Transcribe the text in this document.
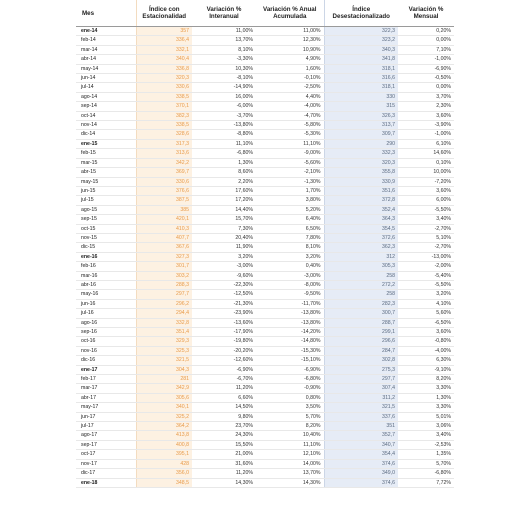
Mes	Índice con Estacionalidad	Variación % Interanual	Variación % Anual Acumulada	Índice Desestacionalizado	Variación % Mensual
ene-14	357	11,00%	11,00%	322,3	0,20%
feb-14	336,4	13,70%	12,30%	323,2	0,00%
mar-14	332,1	8,10%	10,90%	340,3	7,10%
abr-14	340,4	-3,30%	4,90%	341,8	-1,00%
may-14	336,8	10,30%	1,60%	318,1	-6,90%
jun-14	320,3	-8,10%	-0,10%	316,6	-0,50%
jul-14	330,6	-14,90%	-2,50%	318,1	0,00%
ago-14	338,5	16,00%	4,40%	330	3,70%
sep-14	370,1	-6,00%	-4,00%	315	2,30%
oct-14	382,3	-3,70%	-4,70%	326,3	3,60%
nov-14	338,5	-13,80%	-5,80%	313,7	-3,90%
dic-14	328,6	-8,80%	-5,30%	309,7	-1,00%
ene-15	317,3	11,10%	11,10%	290	6,10%
feb-15	313,6	-6,80%	-9,00%	332,3	14,60%
mar-15	342,2	1,30%	-5,60%	320,3	0,10%
abr-15	369,7	8,60%	-2,10%	355,8	10,00%
may-15	330,6	2,20%	-1,30%	330,9	-7,20%
jun-15	376,6	17,60%	1,70%	351,6	3,60%
jul-15	387,5	17,20%	3,80%	372,8	6,00%
ago-15	385	14,40%	5,20%	352,4	-5,50%
sep-15	420,1	15,70%	6,40%	364,3	3,40%
oct-15	410,3	7,30%	6,50%	354,5	-2,70%
nov-15	407,7	20,40%	7,80%	372,6	5,10%
dic-15	367,6	11,90%	8,10%	362,3	-2,70%
ene-16	327,3	3,20%	3,20%	312	-13,00%
feb-16	301,7	-3,00%	0,40%	305,3	-2,00%
mar-16	303,2	-9,60%	-3,00%	258	-5,40%
abr-16	288,3	-22,30%	-8,00%	272,2	-5,50%
may-16	297,7	-12,50%	-9,50%	258	3,20%
jun-16	296,2	-21,30%	-11,70%	282,3	4,10%
jul-16	294,4	-23,90%	-13,80%	300,7	5,60%
ago-16	332,8	-13,60%	-13,80%	288,7	-6,50%
sep-16	351,4	-17,90%	-14,20%	299,1	3,60%
oct-16	329,3	-19,80%	-14,80%	296,6	-0,80%
nov-16	325,3	-20,20%	-15,30%	284,7	-4,00%
dic-16	321,5	-12,60%	-15,10%	302,8	6,30%
ene-17	304,3	-6,90%	-6,90%	275,3	-9,10%
feb-17	281	-6,70%	-6,80%	297,7	8,20%
mar-17	342,9	11,20%	-0,90%	307,4	3,30%
abr-17	305,6	6,60%	0,80%	311,2	1,30%
may-17	340,1	14,50%	3,50%	321,5	3,30%
jun-17	325,2	9,80%	5,70%	337,6	5,01%
jul-17	364,2	23,70%	8,20%	351	3,06%
ago-17	413,8	24,30%	10,40%	352,7	3,40%
sep-17	400,8	15,50%	11,10%	340,7	-2,53%
oct-17	395,1	21,00%	12,10%	354,4	1,35%
nov-17	428	31,60%	14,00%	374,6	5,70%
dic-17	356,0	11,20%	13,70%	349,0	-6,80%
ene-18	348,5	14,30%	14,30%	374,6	7,72%
